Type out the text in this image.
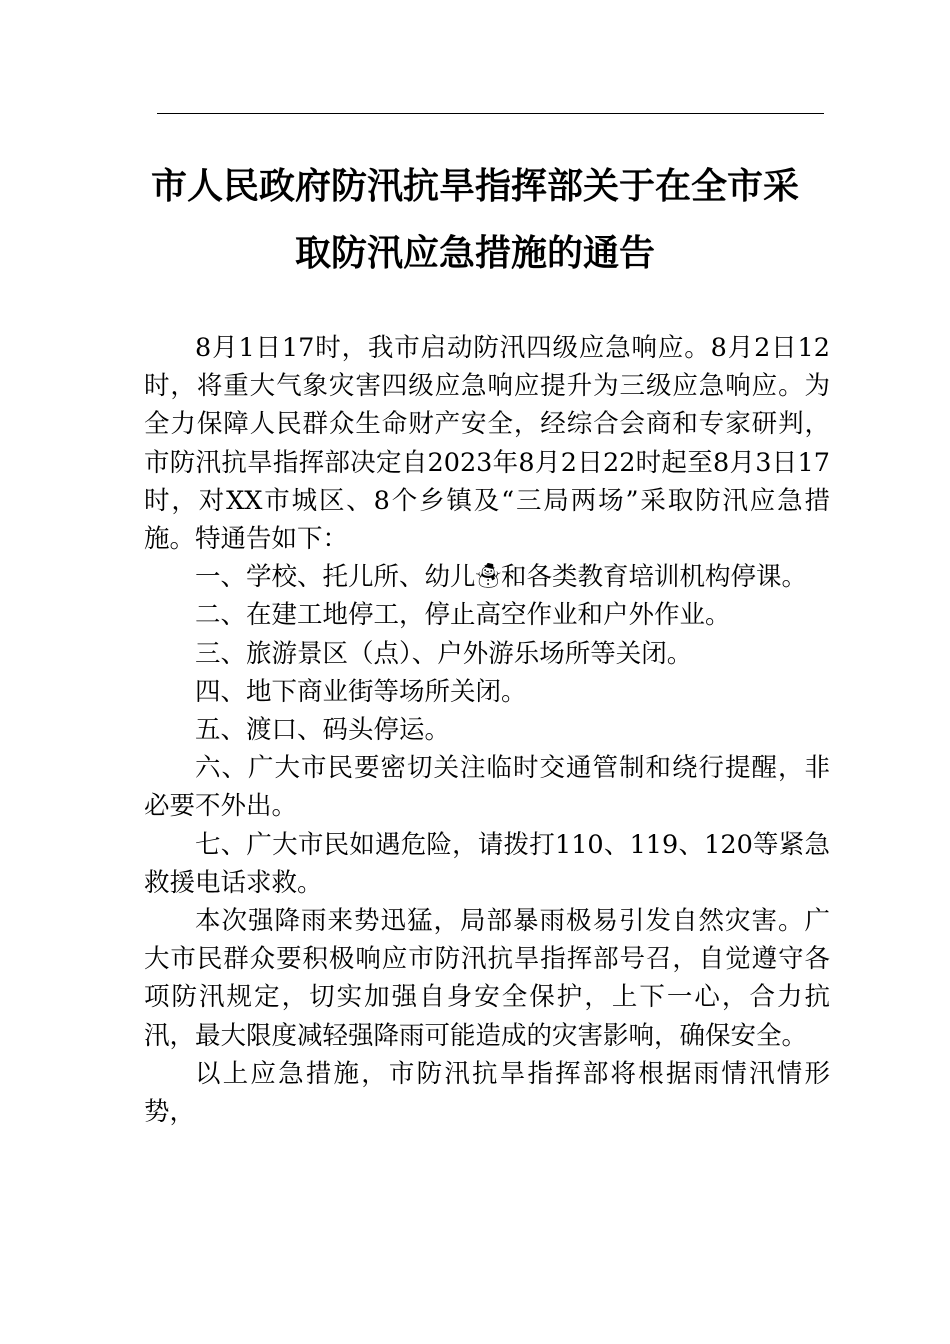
市人民政府防汛抗旱指挥部关于在全市采
取防汛应急措施的通告

8月1日17时，我市启动防汛四级应急响应。8月2日12 时，将重大气象灾害四级应急响应提升为三级应急响应。为全力保障人民群众生命财产安全，经综合会商和专家研判，市防汛抗旱指挥部决定自2023年8月2日22时起至8月3日17时，对XX市城区、8个乡镇及“三局两场”采取防汛应急措施。特通告如下：

一、学校、托儿所、幼儿☃和各类教育培训机构停课。

二、在建工地停工，停止高空作业和户外作业。

三、旅游景区（点）、户外游乐场所等关闭。

四、地下商业街等场所关闭。

五、渡口、码头停运。

六、广大市民要密切关注临时交通管制和绕行提醒，非必要不外出。

七、广大市民如遇危险，请拨打110、119、120等紧急救援电话求救。

本次强降雨来势迅猛，局部暴雨极易引发自然灾害。广大市民群众要积极响应市防汛抗旱指挥部号召，自觉遵守各项防汛规定，切实加强自身安全保护，上下一心，合力抗汛，最大限度减轻强降雨可能造成的灾害影响，确保安全。

以上应急措施，市防汛抗旱指挥部将根据雨情汛情形势，
